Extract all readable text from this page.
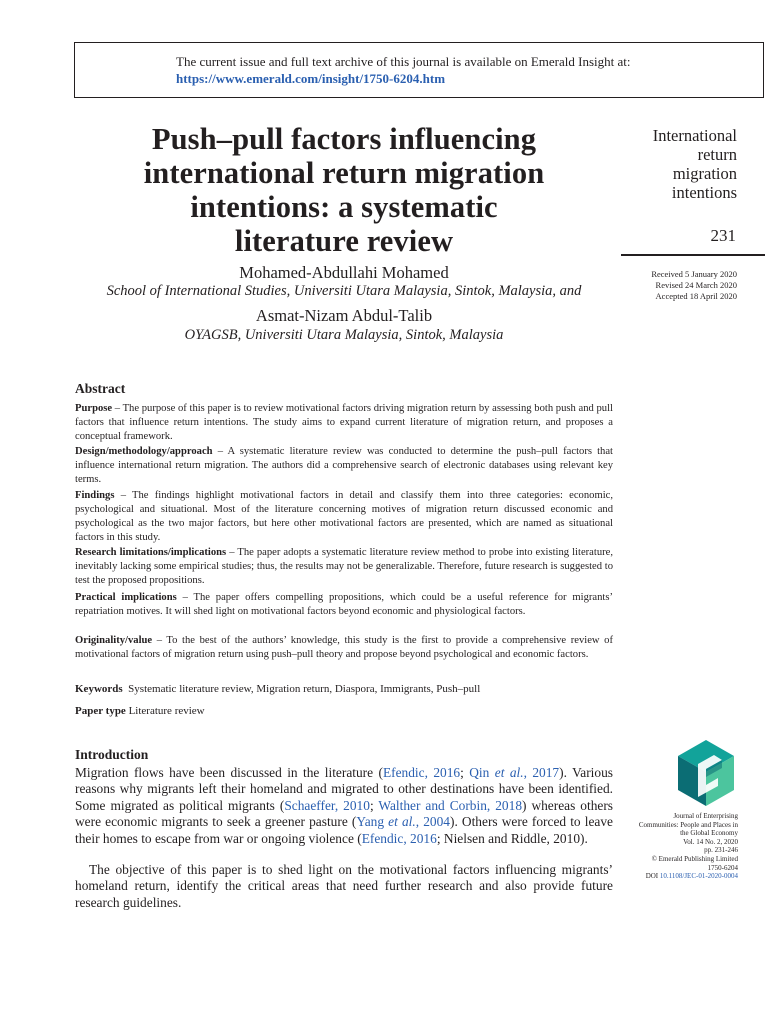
The current issue and full text archive of this journal is available on Emerald Insight at:
https://www.emerald.com/insight/1750-6204.htm
Push–pull factors influencing
international return migration
intentions: a systematic
literature review
International
return
migration
intentions
231
Received 5 January 2020
Revised 24 March 2020
Accepted 18 April 2020
Mohamed-Abdullahi Mohamed
School of International Studies, Universiti Utara Malaysia, Sintok, Malaysia, and
Asmat-Nizam Abdul-Talib
OYAGSB, Universiti Utara Malaysia, Sintok, Malaysia
Abstract
Purpose – The purpose of this paper is to review motivational factors driving migration return by assessing both push and pull factors that influence return intentions. The study aims to expand current literature of migration return, and proposes a conceptual framework.
Design/methodology/approach – A systematic literature review was conducted to determine the push–pull factors that influence international return migration. The authors did a comprehensive search of electronic databases using relevant key terms.
Findings – The findings highlight motivational factors in detail and classify them into three categories: economic, psychological and situational. Most of the literature concerning motives of migration return discussed economic and psychological as the two major factors, but here other motivational factors are presented, which are named as situational factors in this study.
Research limitations/implications – The paper adopts a systematic literature review method to probe into existing literature, inevitably lacking some empirical studies; thus, the results may not be generalizable. Therefore, future research is suggested to test the proposed propositions.
Practical implications – The paper offers compelling propositions, which could be a useful reference for migrants’ repatriation motives. It will shed light on motivational factors beyond economic and physiological factors.
Originality/value – To the best of the authors’ knowledge, this study is the first to provide a comprehensive review of motivational factors of migration return using push–pull theory and propose beyond psychological and economic factors.
Keywords Systematic literature review, Migration return, Diaspora, Immigrants, Push–pull
Paper type Literature review
Introduction
Migration flows have been discussed in the literature (Efendic, 2016; Qin et al., 2017). Various reasons why migrants left their homeland and migrated to other destinations have been identified. Some migrated as political migrants (Schaeffer, 2010; Walther and Corbin, 2018) whereas others were economic migrants to seek a greener pasture (Yang et al., 2004). Others were forced to leave their homes to escape from war or ongoing violence (Efendic, 2016; Nielsen and Riddle, 2010).
The objective of this paper is to shed light on the motivational factors influencing migrants’ homeland return, identify the critical areas that need further research and also provide future research guidelines.
Journal of Enterprising
Communities: People and Places in
the Global Economy
Vol. 14 No. 2, 2020
pp. 231-246
© Emerald Publishing Limited
1750-6204
DOI 10.1108/JEC-01-2020-0004
